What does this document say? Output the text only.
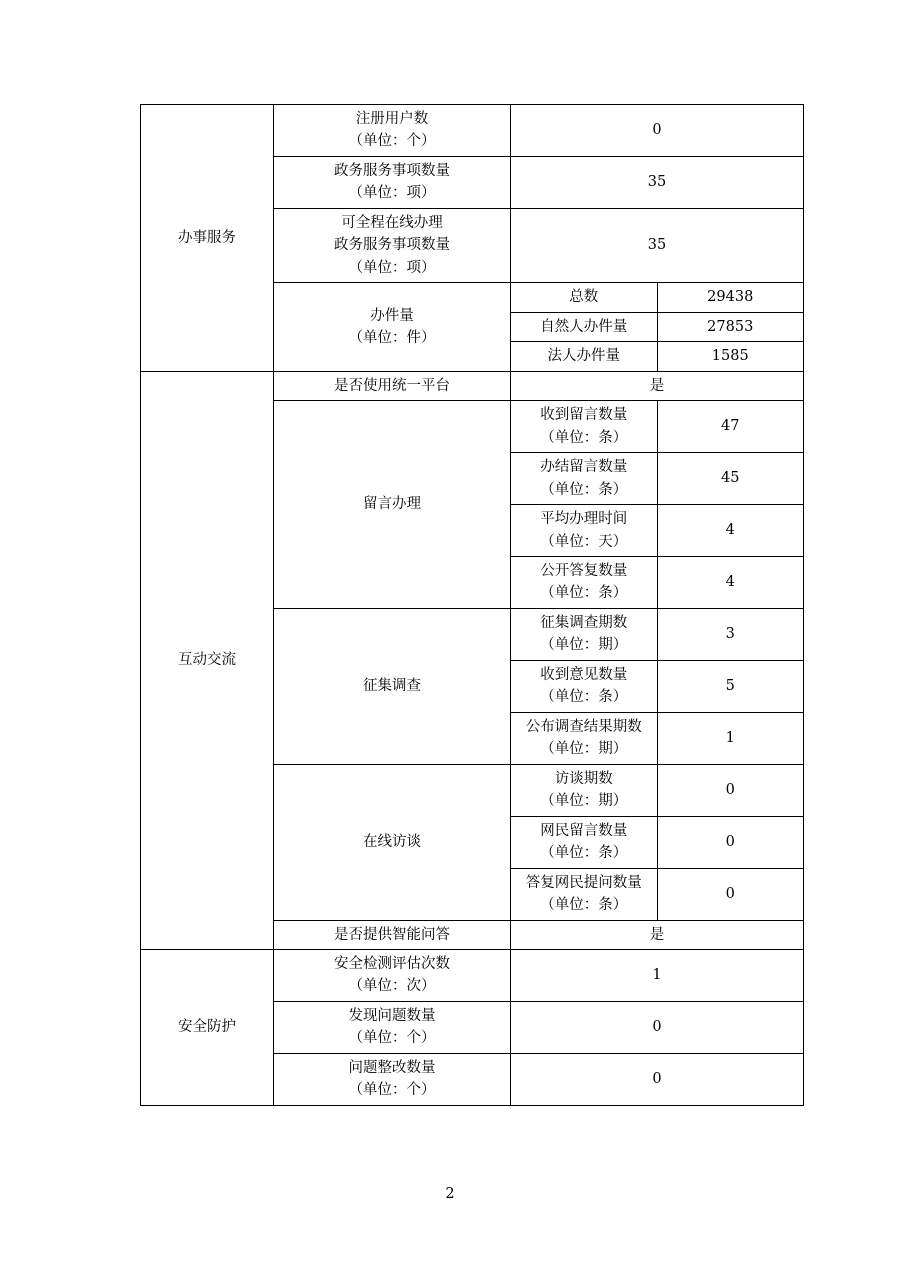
办事服务	注册用户数
（单位：个）	0	

	政务服务事项数量
（单位：项）	35	

	可全程在线办理
政务服务事项数量
（单位：项）	35	

	办件量
（单位：件）	总数	29438

		自然人办件量	27853

		法人办件量	1585

互动交流	是否使用统一平台	是	

	留言办理	收到留言数量
（单位：条）	47

		办结留言数量
（单位：条）	45

		平均办理时间
（单位：天）	4

		公开答复数量
（单位：条）	4

	征集调查	征集调查期数
（单位：期）	3

		收到意见数量
（单位：条）	5

		公布调查结果期数
（单位：期）	1

	在线访谈	访谈期数
（单位：期）	0

		网民留言数量
（单位：条）	0

		答复网民提问数量
（单位：条）	0

	是否提供智能问答	是	

安全防护	安全检测评估次数
（单位：次）	1	

	发现问题数量
（单位：个）	0	

	问题整改数量
（单位：个）	0	
2
